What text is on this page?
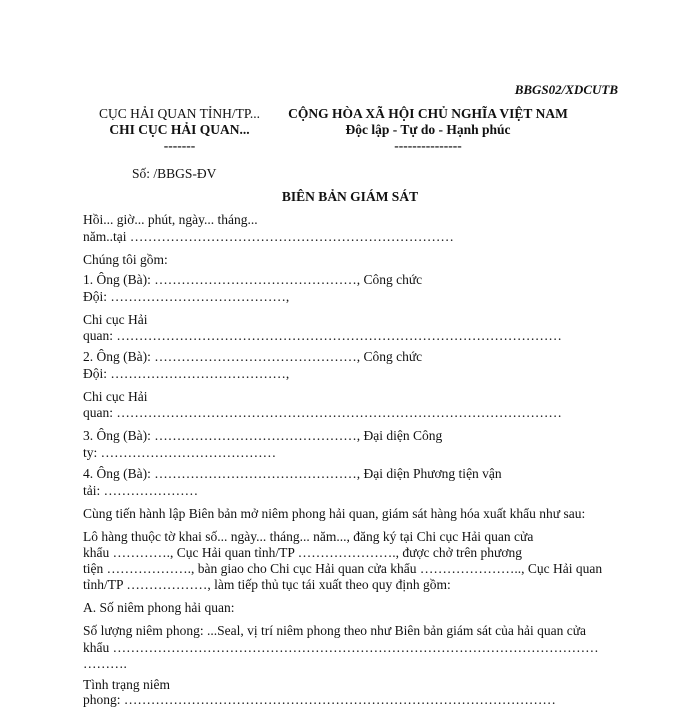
BBGS02/XDCUTB
CỤC HẢI QUAN TỈNH/TP...
CHI CỤC HẢI QUAN...
-------
CỘNG HÒA XÃ HỘI CHỦ NGHĨA VIỆT NAM
Độc lập - Tự do - Hạnh phúc
---------------
Số: /BBGS-ĐV
BIÊN BẢN GIÁM SÁT
Hồi... giờ... phút, ngày... tháng...
năm..tại ………………………………………………………………
Chúng tôi gồm:
1. Ông (Bà): ………………………………………, Công chức
Đội: …………………………………,
Chi cục Hải
quan: ………………………………………………………………………………………
2. Ông (Bà): ………………………………………, Công chức
Đội: …………………………………,
Chi cục Hải
quan: ………………………………………………………………………………………
3. Ông (Bà): ………………………………………, Đại diện Công
ty: …………………………………
4. Ông (Bà): ………………………………………, Đại diện Phương tiện vận
tải: …………………
Cùng tiến hành lập Biên bản mở niêm phong hải quan, giám sát hàng hóa xuất khẩu như sau:
Lô hàng thuộc tờ khai số... ngày... tháng... năm..., đăng ký tại Chi cục Hải quan cửa
khẩu …………., Cục Hải quan tỉnh/TP …………………., được chở trên phương
tiện ………………., bàn giao cho Chi cục Hải quan cửa khẩu ………………….., Cục Hải quan
tỉnh/TP ………………, làm tiếp thủ tục tái xuất theo quy định gồm:
A. Số niêm phong hải quan:
Số lượng niêm phong: ...Seal, vị trí niêm phong theo như Biên bản giám sát của hải quan cửa
khẩu ………………………………………………………………………………………………
……….
Tình trạng niêm
phong: ……………………………………………………………………………………
